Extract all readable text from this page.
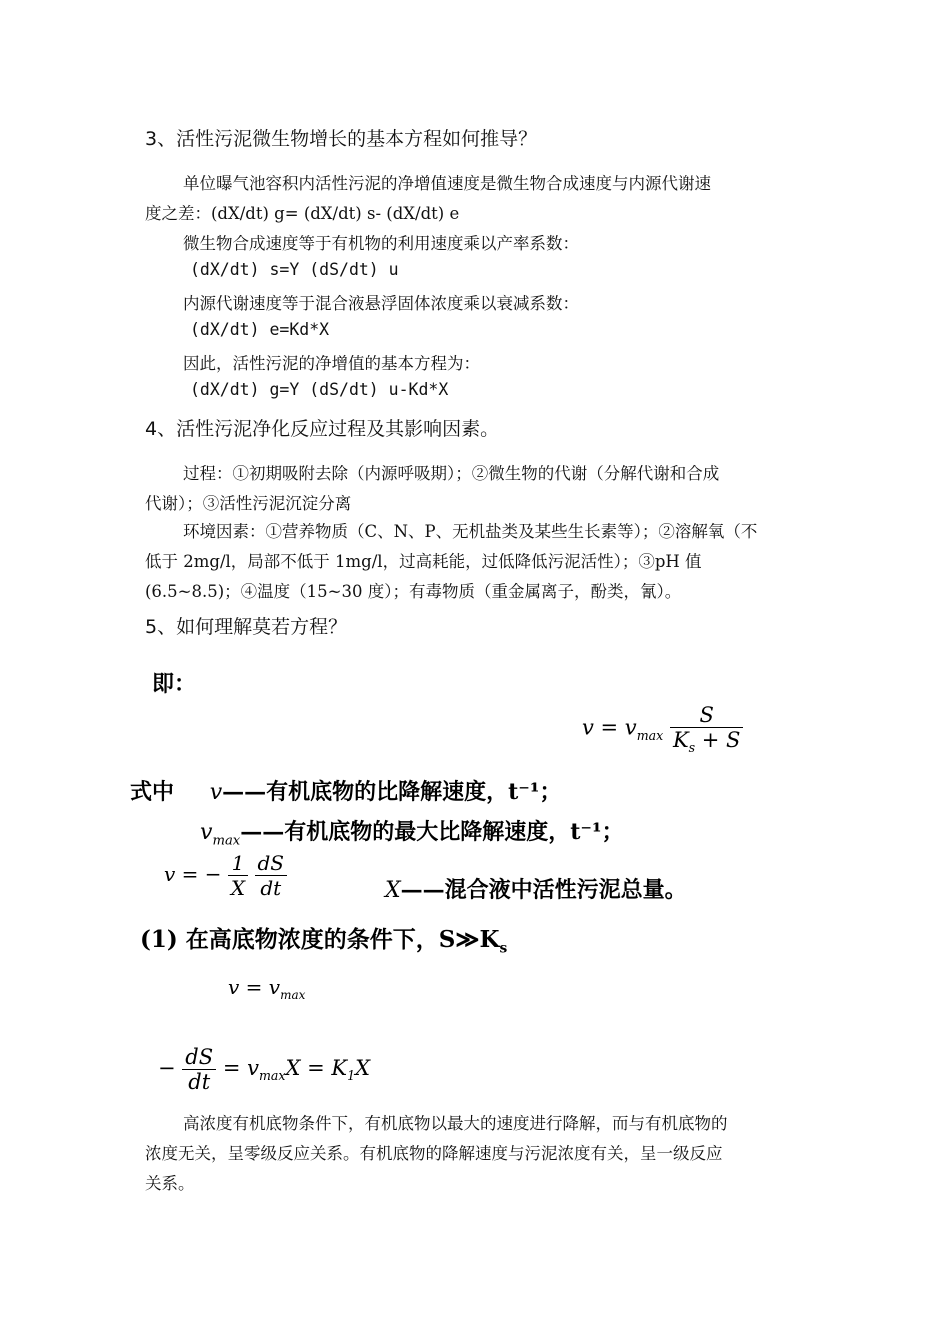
3、活性污泥微生物增长的基本方程如何推导？
单位曝气池容积内活性污泥的净增值速度是微生物合成速度与内源代谢速
度之差：(dX/dt) g= (dX/dt) s- (dX/dt) e
微生物合成速度等于有机物的利用速度乘以产率系数：
(dX/dt) s=Y (dS/dt) u
内源代谢速度等于混合液悬浮固体浓度乘以衰减系数：
(dX/dt) e=Kd*X
因此，活性污泥的净增值的基本方程为：
(dX/dt) g=Y (dS/dt) u-Kd*X
4、活性污泥净化反应过程及其影响因素。
过程：①初期吸附去除（内源呼吸期）；②微生物的代谢（分解代谢和合成
代谢）；③活性污泥沉淀分离
环境因素：①营养物质（C、N、P、无机盐类及某些生长素等）；②溶解氧（不
低于 2mg/l，局部不低于 1mg/l，过高耗能，过低降低污泥活性）；③pH 值
(6.5~8.5)；④温度（15~30 度）；有毒物质（重金属离子，酚类，氰）。
5、如何理解莫若方程？
即：
$v = v_{max} \frac{S}{K_s + S}$
式中 v——有机底物的比降解速度，t⁻¹；
$v_{max}——$有机底物的最大比降解速度，t⁻¹；
v = − $\frac{1}{X}$
$\frac{dS}{dt}$	X——混合液中活性污泥总量。
(1) 在高底物浓度的条件下，$S≫K_s$
$v = v_{max}$
− $\frac{dS}{dt} = v_{max}X = K_1X$
高浓度有机底物条件下，有机底物以最大的速度进行降解，而与有机底物的
浓度无关，呈零级反应关系。有机底物的降解速度与污泥浓度有关，呈一级反应
关系。
